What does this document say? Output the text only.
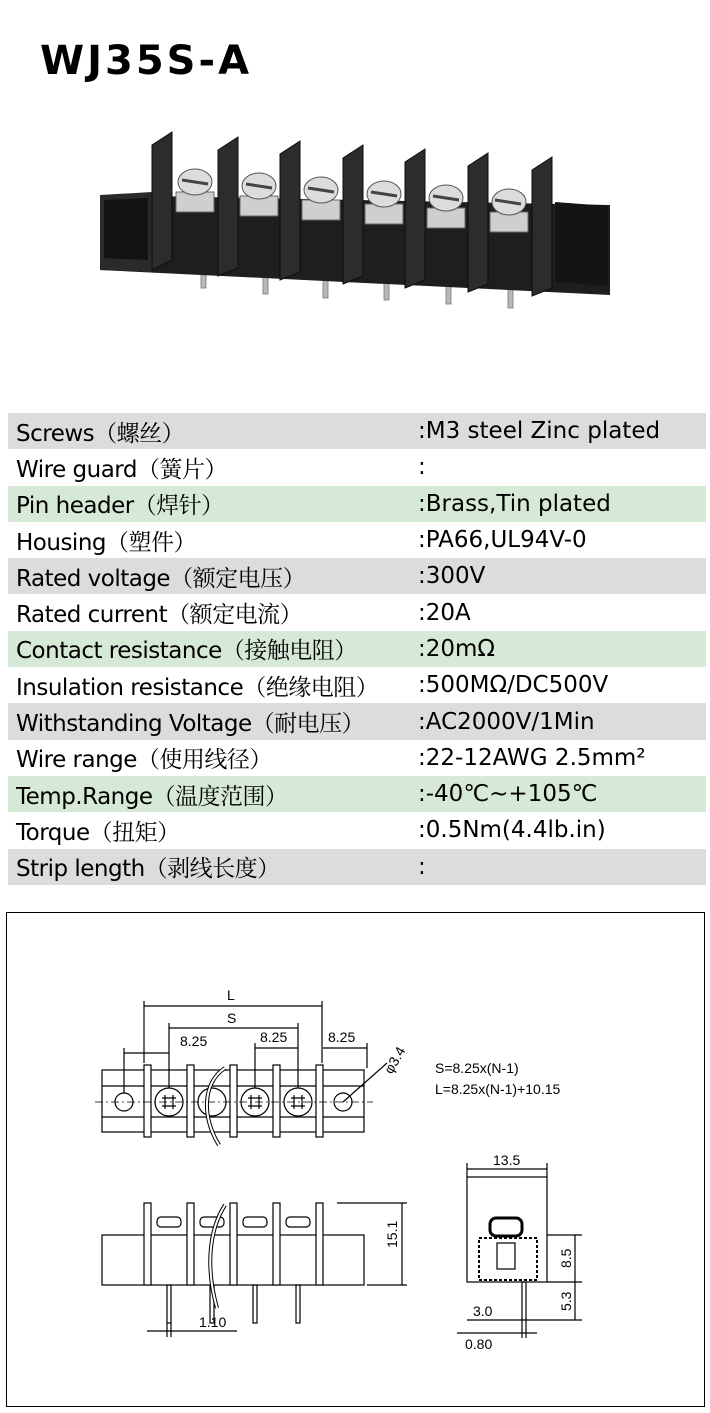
WJ35S-A
Screws（螺丝）	:M3 steel Zinc plated
Wire guard（簧片）	:
Pin header（焊针）	:Brass,Tin plated
Housing（塑件）	:PA66,UL94V-0
Rated voltage（额定电压）	:300V
Rated current（额定电流）	:20A
Contact resistance（接触电阻）	:20mΩ
Insulation resistance（绝缘电阻）	:500MΩ/DC500V
Withstanding Voltage（耐电压）	:AC2000V/1Min
Wire range（使用线径）	:22-12AWG 2.5mm²
Temp.Range（温度范围）	:-40℃~+105℃
Torque（扭矩）	:0.5Nm(4.4lb.in)
Strip length（剥线长度）	:
L
S
8.25	8.25	8.25
φ3.4 S=8.25x(N-1)
L=8.25x(N-1)+10.15
15.1
1.10
13.5
8.5
5.3
3.0
0.80
